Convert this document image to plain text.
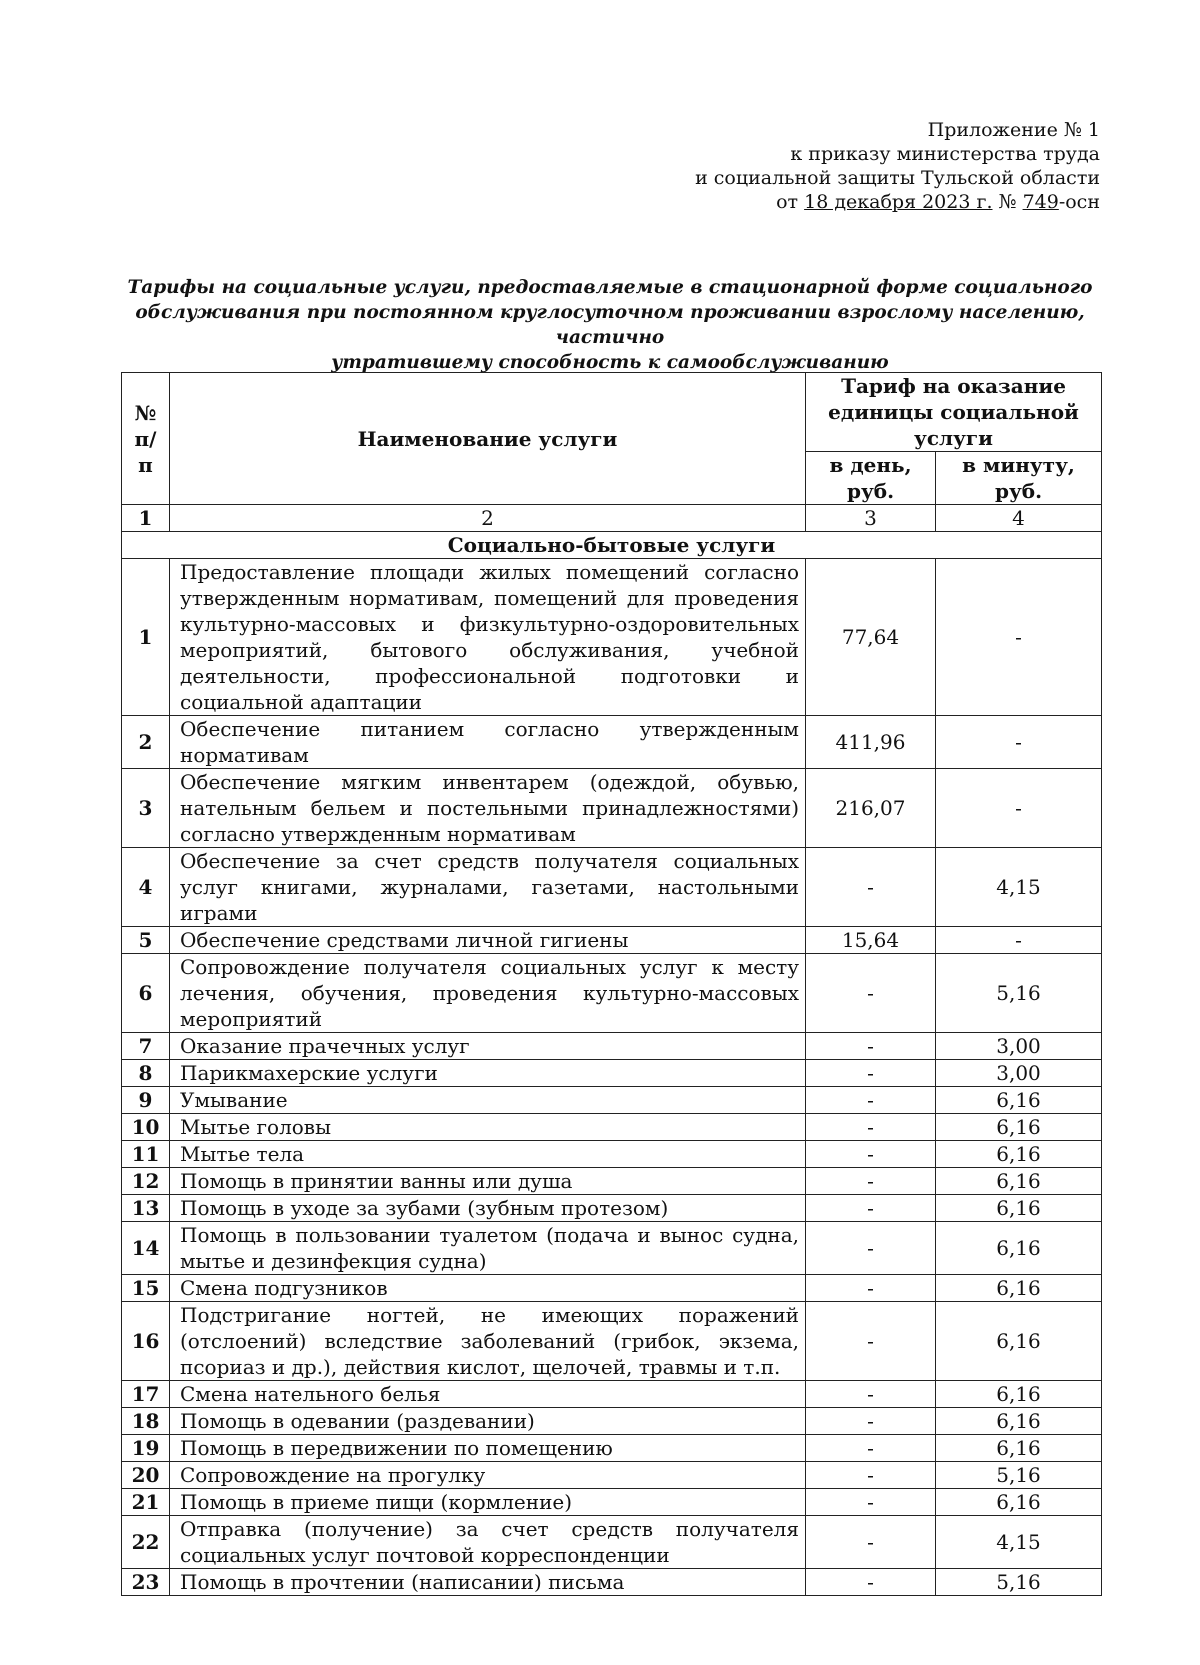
Приложение № 1
к приказу министерства труда
и социальной защиты Тульской области
от 18 декабря 2023 г. № 749-осн
Тарифы на социальные услуги, предоставляемые в стационарной форме социального
обслуживания при постоянном круглосуточном проживании взрослому населению, частично
утратившему способность к самообслуживанию
№ п/п	Наименование услуги	Тариф на оказание единицы социальной услуги	
		в день, руб.	в минуту, руб.
1	2	3	4
Социально-бытовые услуги			
1	Предоставление площади жилых помещений согласно утвержденным нормативам, помещений для проведения культурно-массовых и физкультурно-оздоровительных мероприятий, бытового обслуживания, учебной деятельности, профессиональной подготовки и социальной адаптации	77,64	-
2	Обеспечение питанием согласно утвержденным нормативам	411,96	-
3	Обеспечение мягким инвентарем (одеждой, обувью, нательным бельем и постельными принадлежностями) согласно утвержденным нормативам	216,07	-
4	Обеспечение за счет средств получателя социальных услуг книгами, журналами, газетами, настольными играми	-	4,15
5	Обеспечение средствами личной гигиены	15,64	-
6	Сопровождение получателя социальных услуг к месту лечения, обучения, проведения культурно-массовых мероприятий	-	5,16
7	Оказание прачечных услуг	-	3,00
8	Парикмахерские услуги	-	3,00
9	Умывание	-	6,16
10	Мытье головы	-	6,16
11	Мытье тела	-	6,16
12	Помощь в принятии ванны или душа	-	6,16
13	Помощь в уходе за зубами (зубным протезом)	-	6,16
14	Помощь в пользовании туалетом (подача и вынос судна, мытье и дезинфекция судна)	-	6,16
15	Смена подгузников	-	6,16
16	Подстригание ногтей, не имеющих поражений (отслоений) вследствие заболеваний (грибок, экзема, псориаз и др.), действия кислот, щелочей, травмы и т.п.	-	6,16
17	Смена нательного белья	-	6,16
18	Помощь в одевании (раздевании)	-	6,16
19	Помощь в передвижении по помещению	-	6,16
20	Сопровождение на прогулку	-	5,16
21	Помощь в приеме пищи (кормление)	-	6,16
22	Отправка (получение) за счет средств получателя социальных услуг почтовой корреспонденции	-	4,15
23	Помощь в прочтении (написании) письма	-	5,16
